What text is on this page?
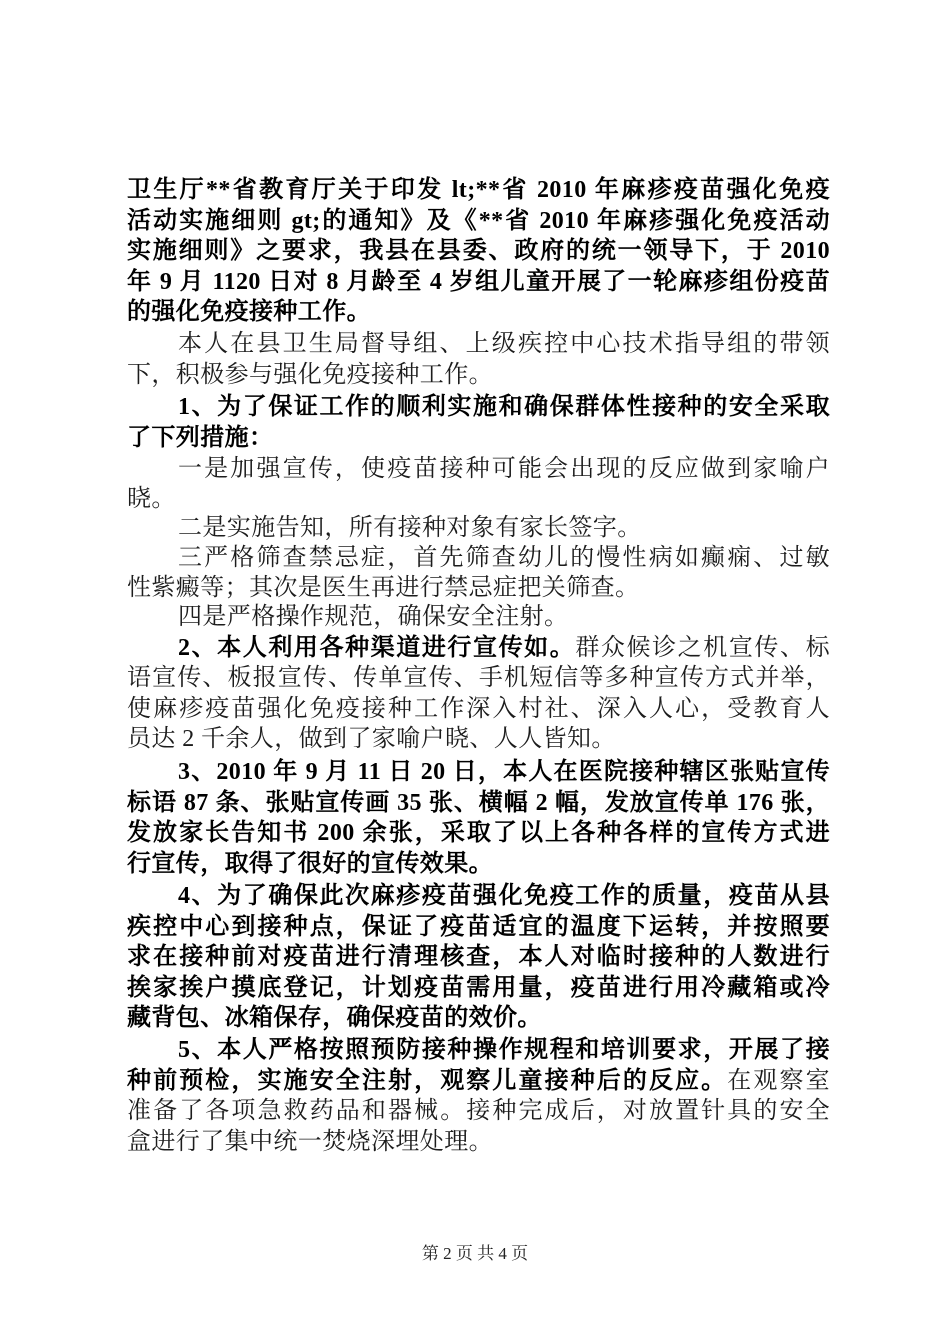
卫生厅**省教育厅关于印发 lt;**省 2010 年麻疹疫苗强化免疫
活动实施细则 gt;的通知》及《**省 2010 年麻疹强化免疫活动
实施细则》之要求，我县在县委、政府的统一领导下，于 2010
年 9 月 1120 日对 8 月龄至 4 岁组儿童开展了一轮麻疹组份疫苗
的强化免疫接种工作。
本人在县卫生局督导组、上级疾控中心技术指导组的带领
下，积极参与强化免疫接种工作。
1、为了保证工作的顺利实施和确保群体性接种的安全采取
了下列措施：
一是加强宣传，使疫苗接种可能会出现的反应做到家喻户
晓。
二是实施告知，所有接种对象有家长签字。
三严格筛查禁忌症，首先筛查幼儿的慢性病如癫痫、过敏
性紫癜等；其次是医生再进行禁忌症把关筛查。
四是严格操作规范，确保安全注射。
2、本人利用各种渠道进行宣传如。群众候诊之机宣传、标
语宣传、板报宣传、传单宣传、手机短信等多种宣传方式并举，
使麻疹疫苗强化免疫接种工作深入村社、深入人心，受教育人
员达 2 千余人，做到了家喻户晓、人人皆知。
3、2010 年 9 月 11 日 20 日，本人在医院接种辖区张贴宣传
标语 87 条、张贴宣传画 35 张、横幅 2 幅，发放宣传单 176 张，
发放家长告知书 200 余张，采取了以上各种各样的宣传方式进
行宣传，取得了很好的宣传效果。
4、为了确保此次麻疹疫苗强化免疫工作的质量，疫苗从县
疾控中心到接种点，保证了疫苗适宜的温度下运转，并按照要
求在接种前对疫苗进行清理核查，本人对临时接种的人数进行
挨家挨户摸底登记，计划疫苗需用量，疫苗进行用冷藏箱或冷
藏背包、冰箱保存，确保疫苗的效价。
5、本人严格按照预防接种操作规程和培训要求，开展了接
种前预检，实施安全注射，观察儿童接种后的反应。在观察室
准备了各项急救药品和器械。接种完成后，对放置针具的安全
盒进行了集中统一焚烧深埋处理。
第 2 页 共 4 页
